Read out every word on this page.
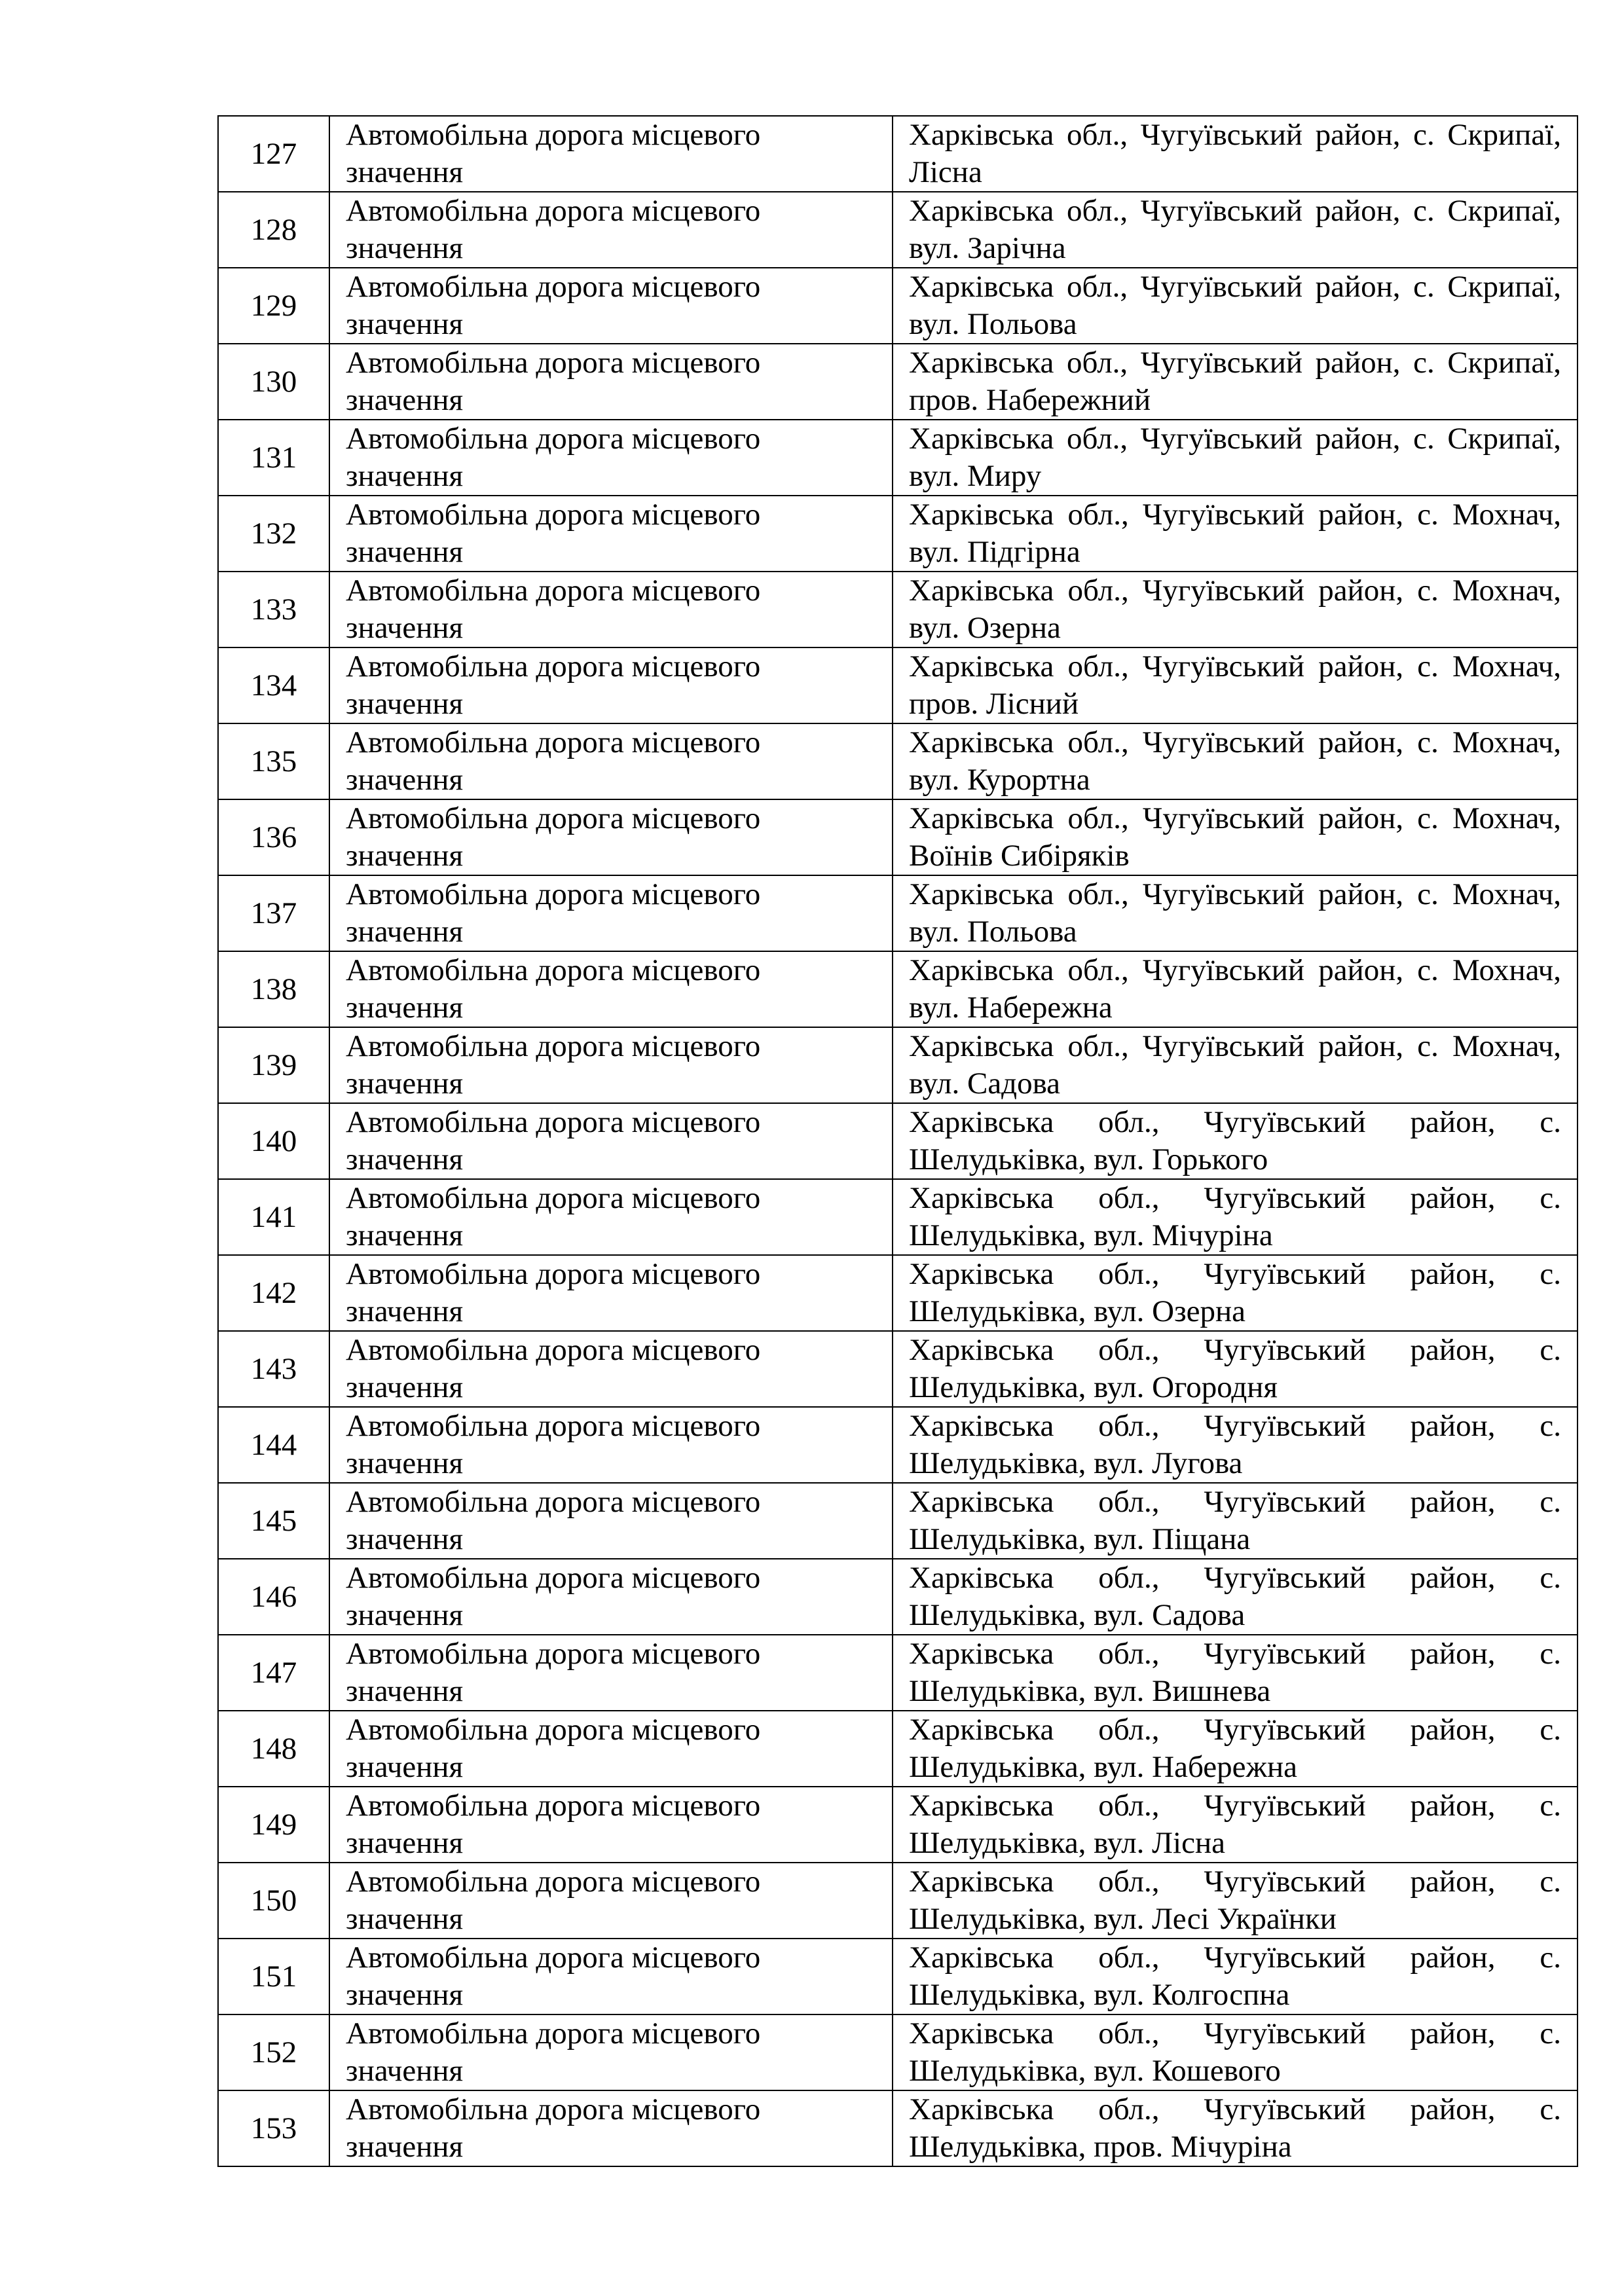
127	Автомобільна дорога місцевого значення	Харківська обл., Чугуївський район, с. Скрипаї, Лісна
128	Автомобільна дорога місцевого значення	Харківська обл., Чугуївський район, с. Скрипаї, вул. Зарічна
129	Автомобільна дорога місцевого значення	Харківська обл., Чугуївський район, с. Скрипаї, вул. Польова
130	Автомобільна дорога місцевого значення	Харківська обл., Чугуївський район, с. Скрипаї, пров. Набережний
131	Автомобільна дорога місцевого значення	Харківська обл., Чугуївський район, с. Скрипаї, вул. Миру
132	Автомобільна дорога місцевого значення	Харківська обл., Чугуївський район, с. Мохнач, вул. Підгірна
133	Автомобільна дорога місцевого значення	Харківська обл., Чугуївський район, с. Мохнач, вул. Озерна
134	Автомобільна дорога місцевого значення	Харківська обл., Чугуївський район, с. Мохнач, пров. Лісний
135	Автомобільна дорога місцевого значення	Харківська обл., Чугуївський район, с. Мохнач, вул. Курортна
136	Автомобільна дорога місцевого значення	Харківська обл., Чугуївський район, с. Мохнач, Воїнів Сибіряків
137	Автомобільна дорога місцевого значення	Харківська обл., Чугуївський район, с. Мохнач, вул. Польова
138	Автомобільна дорога місцевого значення	Харківська обл., Чугуївський район, с. Мохнач, вул. Набережна
139	Автомобільна дорога місцевого значення	Харківська обл., Чугуївський район, с. Мохнач, вул. Садова
140	Автомобільна дорога місцевого значення	Харківська обл., Чугуївський район, с. Шелудьківка, вул. Горького
141	Автомобільна дорога місцевого значення	Харківська обл., Чугуївський район, с. Шелудьківка, вул. Мічуріна
142	Автомобільна дорога місцевого значення	Харківська обл., Чугуївський район, с. Шелудьківка, вул. Озерна
143	Автомобільна дорога місцевого значення	Харківська обл., Чугуївський район, с. Шелудьківка, вул. Огородня
144	Автомобільна дорога місцевого значення	Харківська обл., Чугуївський район, с. Шелудьківка, вул. Лугова
145	Автомобільна дорога місцевого значення	Харківська обл., Чугуївський район, с. Шелудьківка, вул. Піщана
146	Автомобільна дорога місцевого значення	Харківська обл., Чугуївський район, с. Шелудьківка, вул. Садова
147	Автомобільна дорога місцевого значення	Харківська обл., Чугуївський район, с. Шелудьківка, вул. Вишнева
148	Автомобільна дорога місцевого значення	Харківська обл., Чугуївський район, с. Шелудьківка, вул. Набережна
149	Автомобільна дорога місцевого значення	Харківська обл., Чугуївський район, с. Шелудьківка, вул. Лісна
150	Автомобільна дорога місцевого значення	Харківська обл., Чугуївський район, с. Шелудьківка, вул. Лесі Українки
151	Автомобільна дорога місцевого значення	Харківська обл., Чугуївський район, с. Шелудьківка, вул. Колгоспна
152	Автомобільна дорога місцевого значення	Харківська обл., Чугуївський район, с. Шелудьківка, вул. Кошевого
153	Автомобільна дорога місцевого значення	Харківська обл., Чугуївський район, с. Шелудьківка, пров. Мічуріна
